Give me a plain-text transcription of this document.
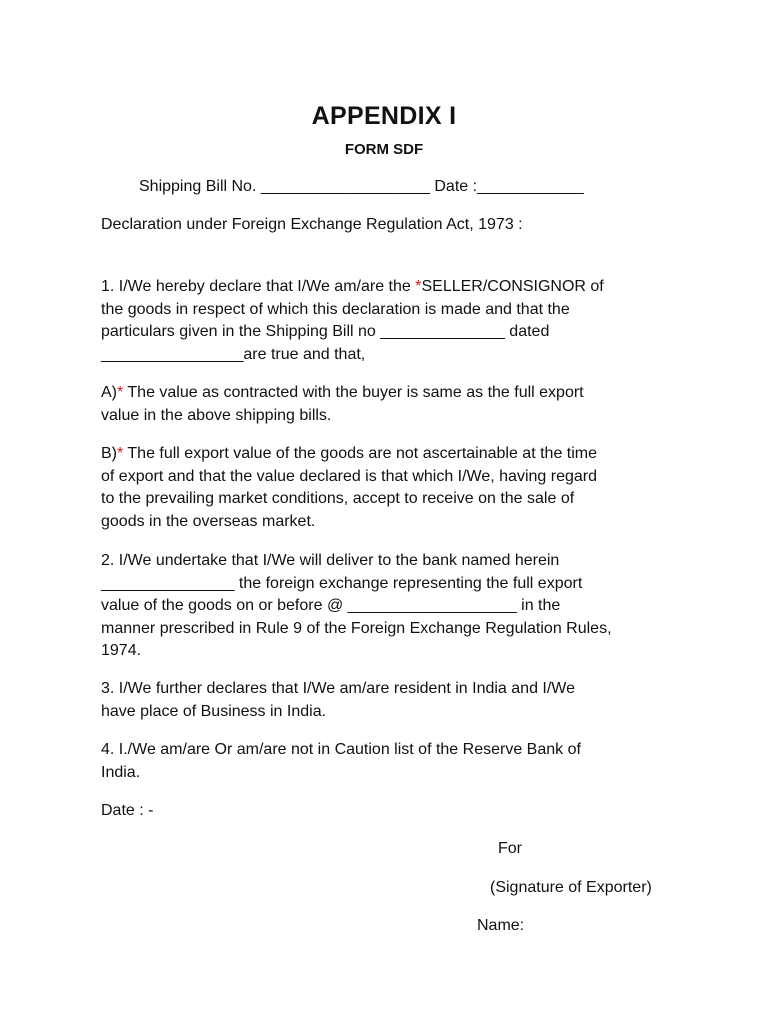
APPENDIX I
FORM SDF
Shipping Bill No. ___________________ Date :____________
Declaration under Foreign Exchange Regulation Act, 1973 :
1. I/We hereby declare that I/We am/are the *SELLER/CONSIGNOR of
the goods in respect of which this declaration is made and that the
particulars given in the Shipping Bill no ______________ dated
________________are true and that,
A)* The value as contracted with the buyer is same as the full export
value in the above shipping bills.
B)* The full export value of the goods are not ascertainable at the time
of export and that the value declared is that which I/We, having regard
to the prevailing market conditions, accept to receive on the sale of
goods in the overseas market.
2. I/We undertake that I/We will deliver to the bank named herein
_______________ the foreign exchange representing the full export
value of the goods on or before @ ___________________ in the
manner prescribed in Rule 9 of the Foreign Exchange Regulation Rules,
1974.
3. I/We further declares that I/We am/are resident in India and I/We
have place of Business in India.
4. I./We am/are Or am/are not in Caution list of the Reserve Bank of
India.
Date : -
For
(Signature of Exporter)
Name:
